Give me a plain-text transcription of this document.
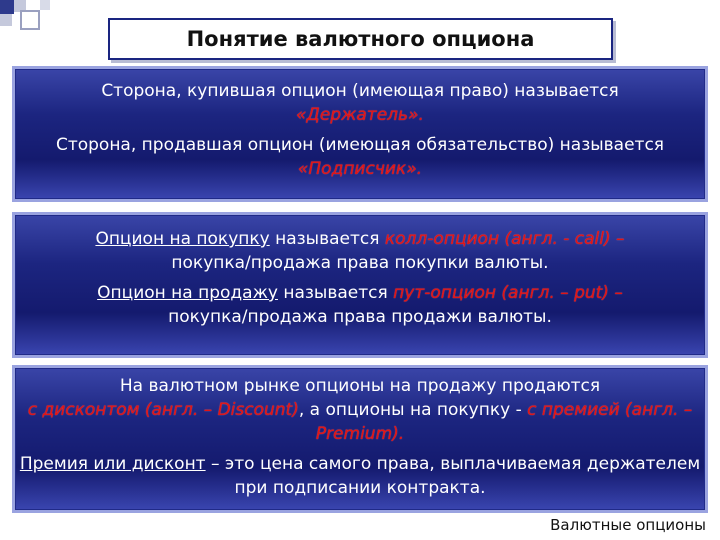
Понятие валютного опциона
Сторона, купившая опцион (имеющая право) называется
«Держатель».
Сторона, продавшая опцион (имеющая обязательство) называется «Подписчик».
Опцион на покупку называется колл-опцион (англ. - call) –
покупка/продажа права покупки валюты.
Опцион на продажу называется пут-опцион (англ. – put) –
покупка/продажа права продажи валюты.
На валютном рынке опционы на продажу продаются
с дисконтом (англ. – Discount), а опционы на покупку - с премией (англ. – Premium).
Премия или дисконт – это цена самого права, выплачиваемая держателем при подписании контракта.
Валютные опционы
